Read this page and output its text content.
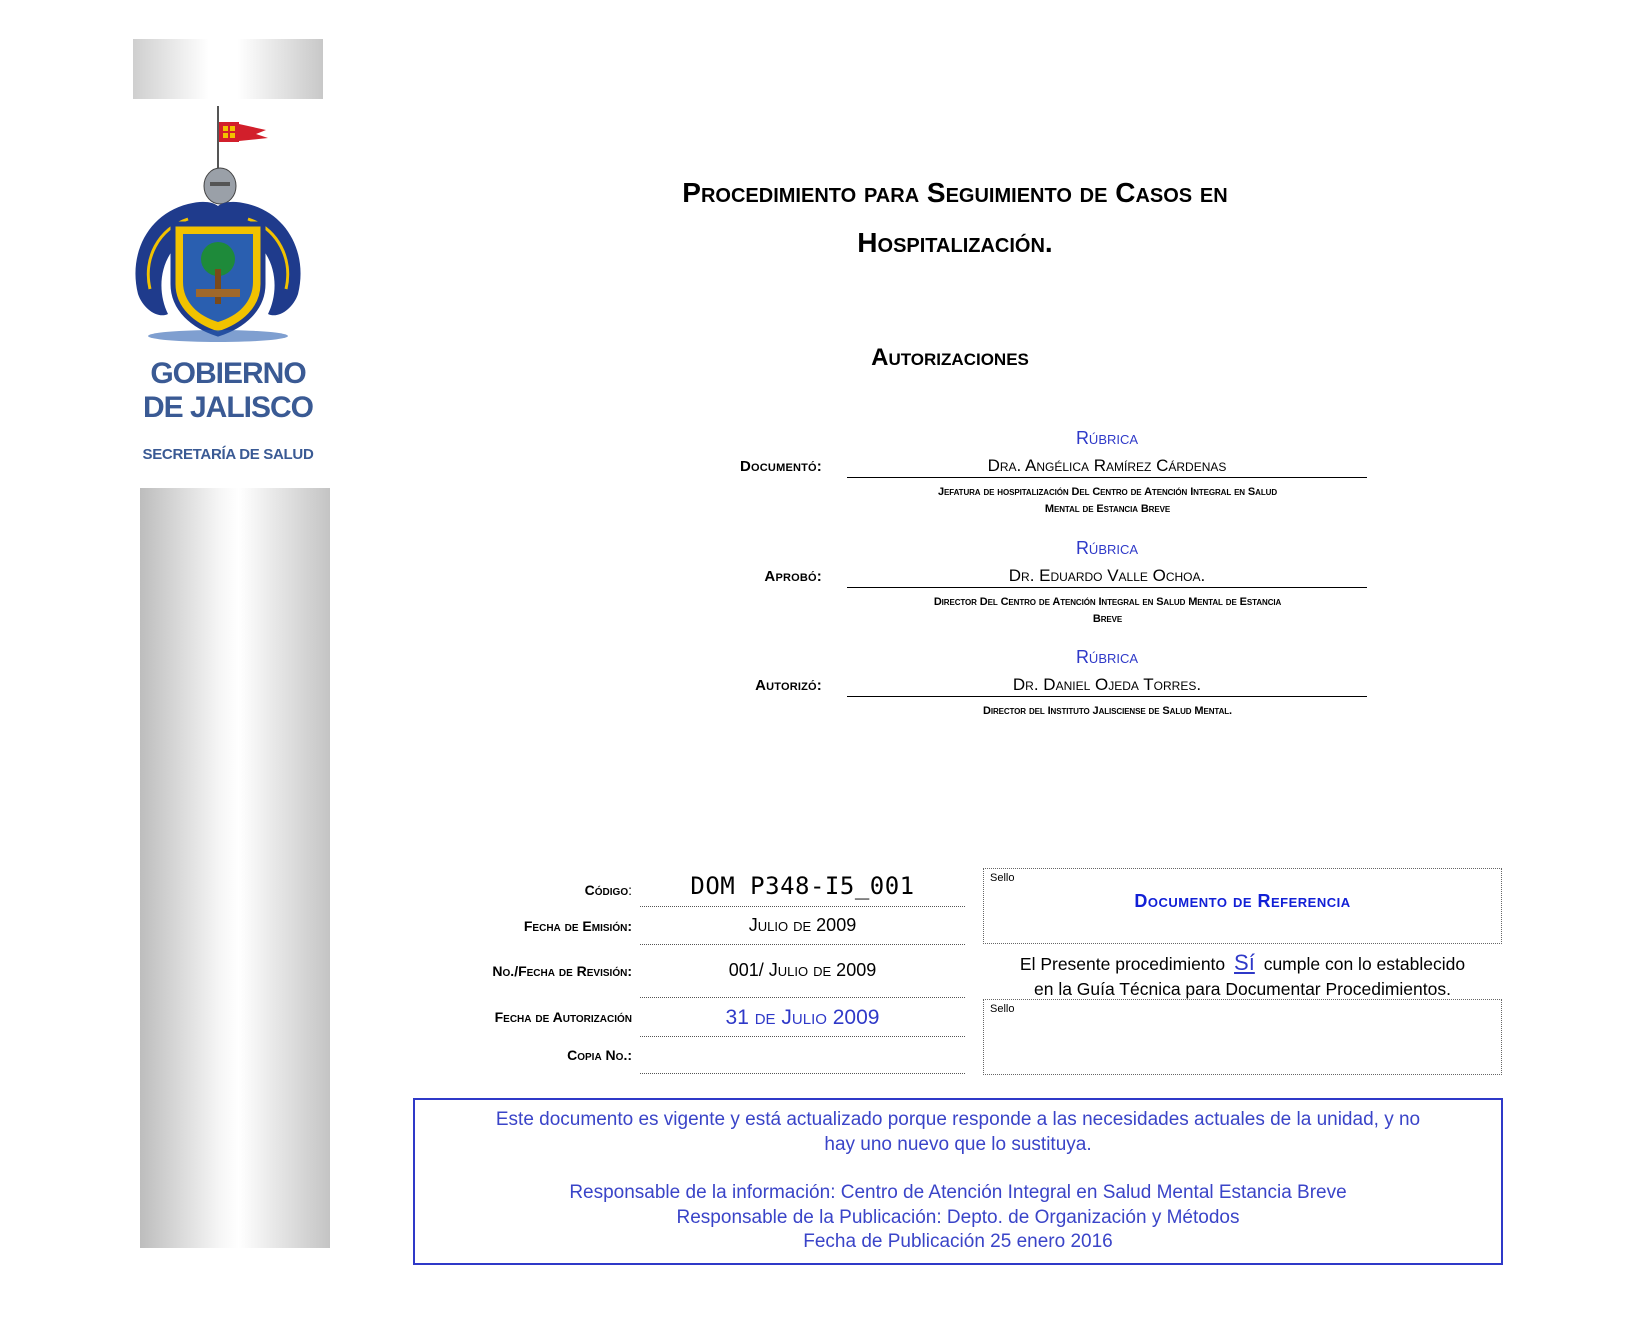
GOBIERNO
DE JALISCO
SECRETARÍA DE SALUD
Procedimiento para Seguimiento de Casos en
Hospitalización.
Autorizaciones
Documentó:
Rúbrica
Dra. Angélica Ramírez Cárdenas
Jefatura de hospitalización Del Centro de Atención Integral en Salud
Mental de Estancia Breve
Aprobó:
Rúbrica
Dr. Eduardo Valle Ochoa.
Director Del Centro de Atención Integral en Salud Mental de Estancia
Breve
Autorizó:
Rúbrica
Dr. Daniel Ojeda Torres.
Director del Instituto Jalisciense de Salud Mental.
Código:	DOM P348-I5_001
Fecha de Emisión:	Julio de 2009
No./Fecha de Revisión:	001/ Julio de 2009
Fecha de Autorización	31 de Julio 2009
Copia No.:
Sello
Documento de Referencia
El Presente procedimiento Sí cumple con lo establecido
en la Guía Técnica para Documentar Procedimientos.
Sello

Este documento es vigente y está actualizado porque responde a las necesidades actuales de la unidad, y no

hay uno nuevo que lo sustituya.

Responsable de la información: Centro de Atención Integral en Salud Mental Estancia Breve

Responsable de la Publicación: Depto. de Organización y Métodos

Fecha de Publicación 25 enero 2016
